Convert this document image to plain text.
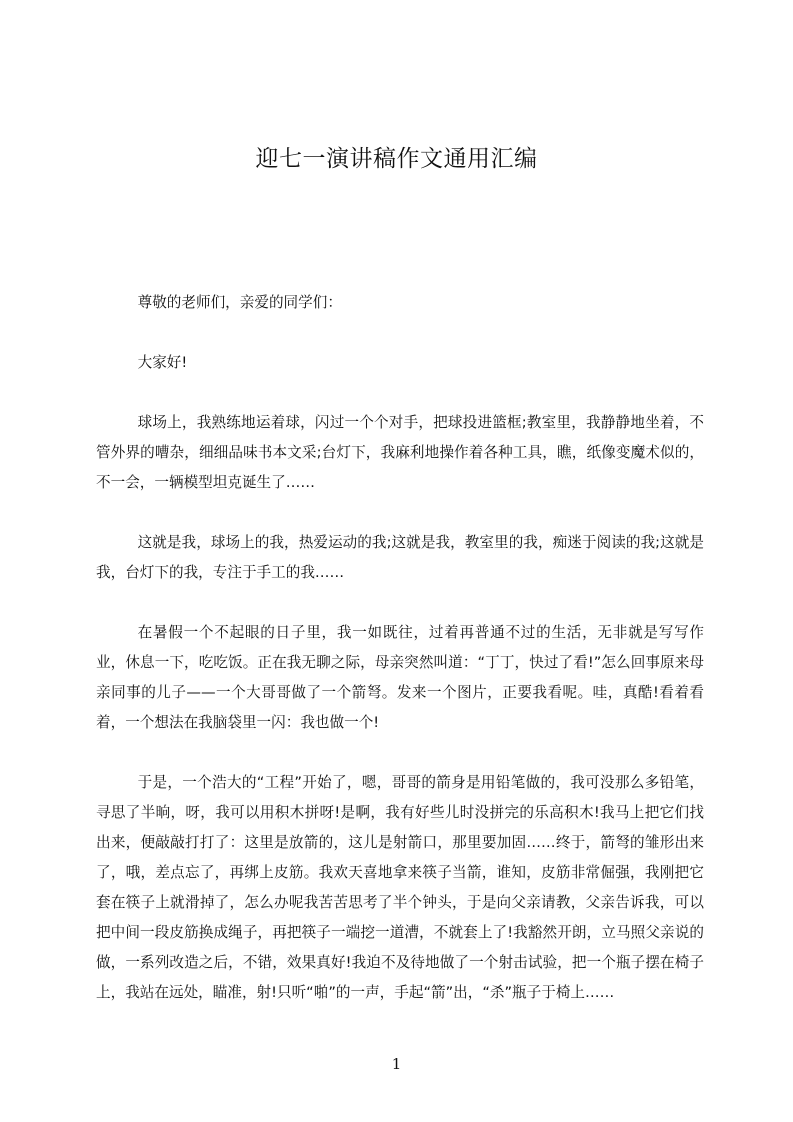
迎七一演讲稿作文通用汇编

尊敬的老师们，亲爱的同学们：

大家好!

球场上，我熟练地运着球，闪过一个个对手，把球投进篮框;教室里，我静静地坐着，不管外界的嘈杂，细细品味书本文采;台灯下，我麻利地操作着各种工具，瞧，纸像变魔术似的，不一会，一辆模型坦克诞生了……

这就是我，球场上的我，热爱运动的我;这就是我，教室里的我，痴迷于阅读的我;这就是我，台灯下的我，专注于手工的我……

在暑假一个不起眼的日子里，我一如既往，过着再普通不过的生活，无非就是写写作业，休息一下，吃吃饭。正在我无聊之际，母亲突然叫道：“丁丁，快过了看!”怎么回事原来母亲同事的儿子——一个大哥哥做了一个箭弩。发来一个图片，正要我看呢。哇，真酷!看着看着，一个想法在我脑袋里一闪：我也做一个!

于是，一个浩大的“工程”开始了，嗯，哥哥的箭身是用铅笔做的，我可没那么多铅笔，寻思了半晌，呀，我可以用积木拼呀!是啊，我有好些儿时没拼完的乐高积木!我马上把它们找出来，便敲敲打打了：这里是放箭的，这儿是射箭口，那里要加固……终于，箭弩的雏形出来了，哦，差点忘了，再绑上皮筋。我欢天喜地拿来筷子当箭，谁知，皮筋非常倔强，我刚把它套在筷子上就滑掉了，怎么办呢我苦苦思考了半个钟头，于是向父亲请教，父亲告诉我，可以把中间一段皮筋换成绳子，再把筷子一端挖一道漕，不就套上了!我豁然开朗，立马照父亲说的做，一系列改造之后，不错，效果真好!我迫不及待地做了一个射击试验，把一个瓶子摆在椅子上，我站在远处，瞄准，射!只听“啪”的一声，手起“箭”出，“杀”瓶子于椅上……

1
